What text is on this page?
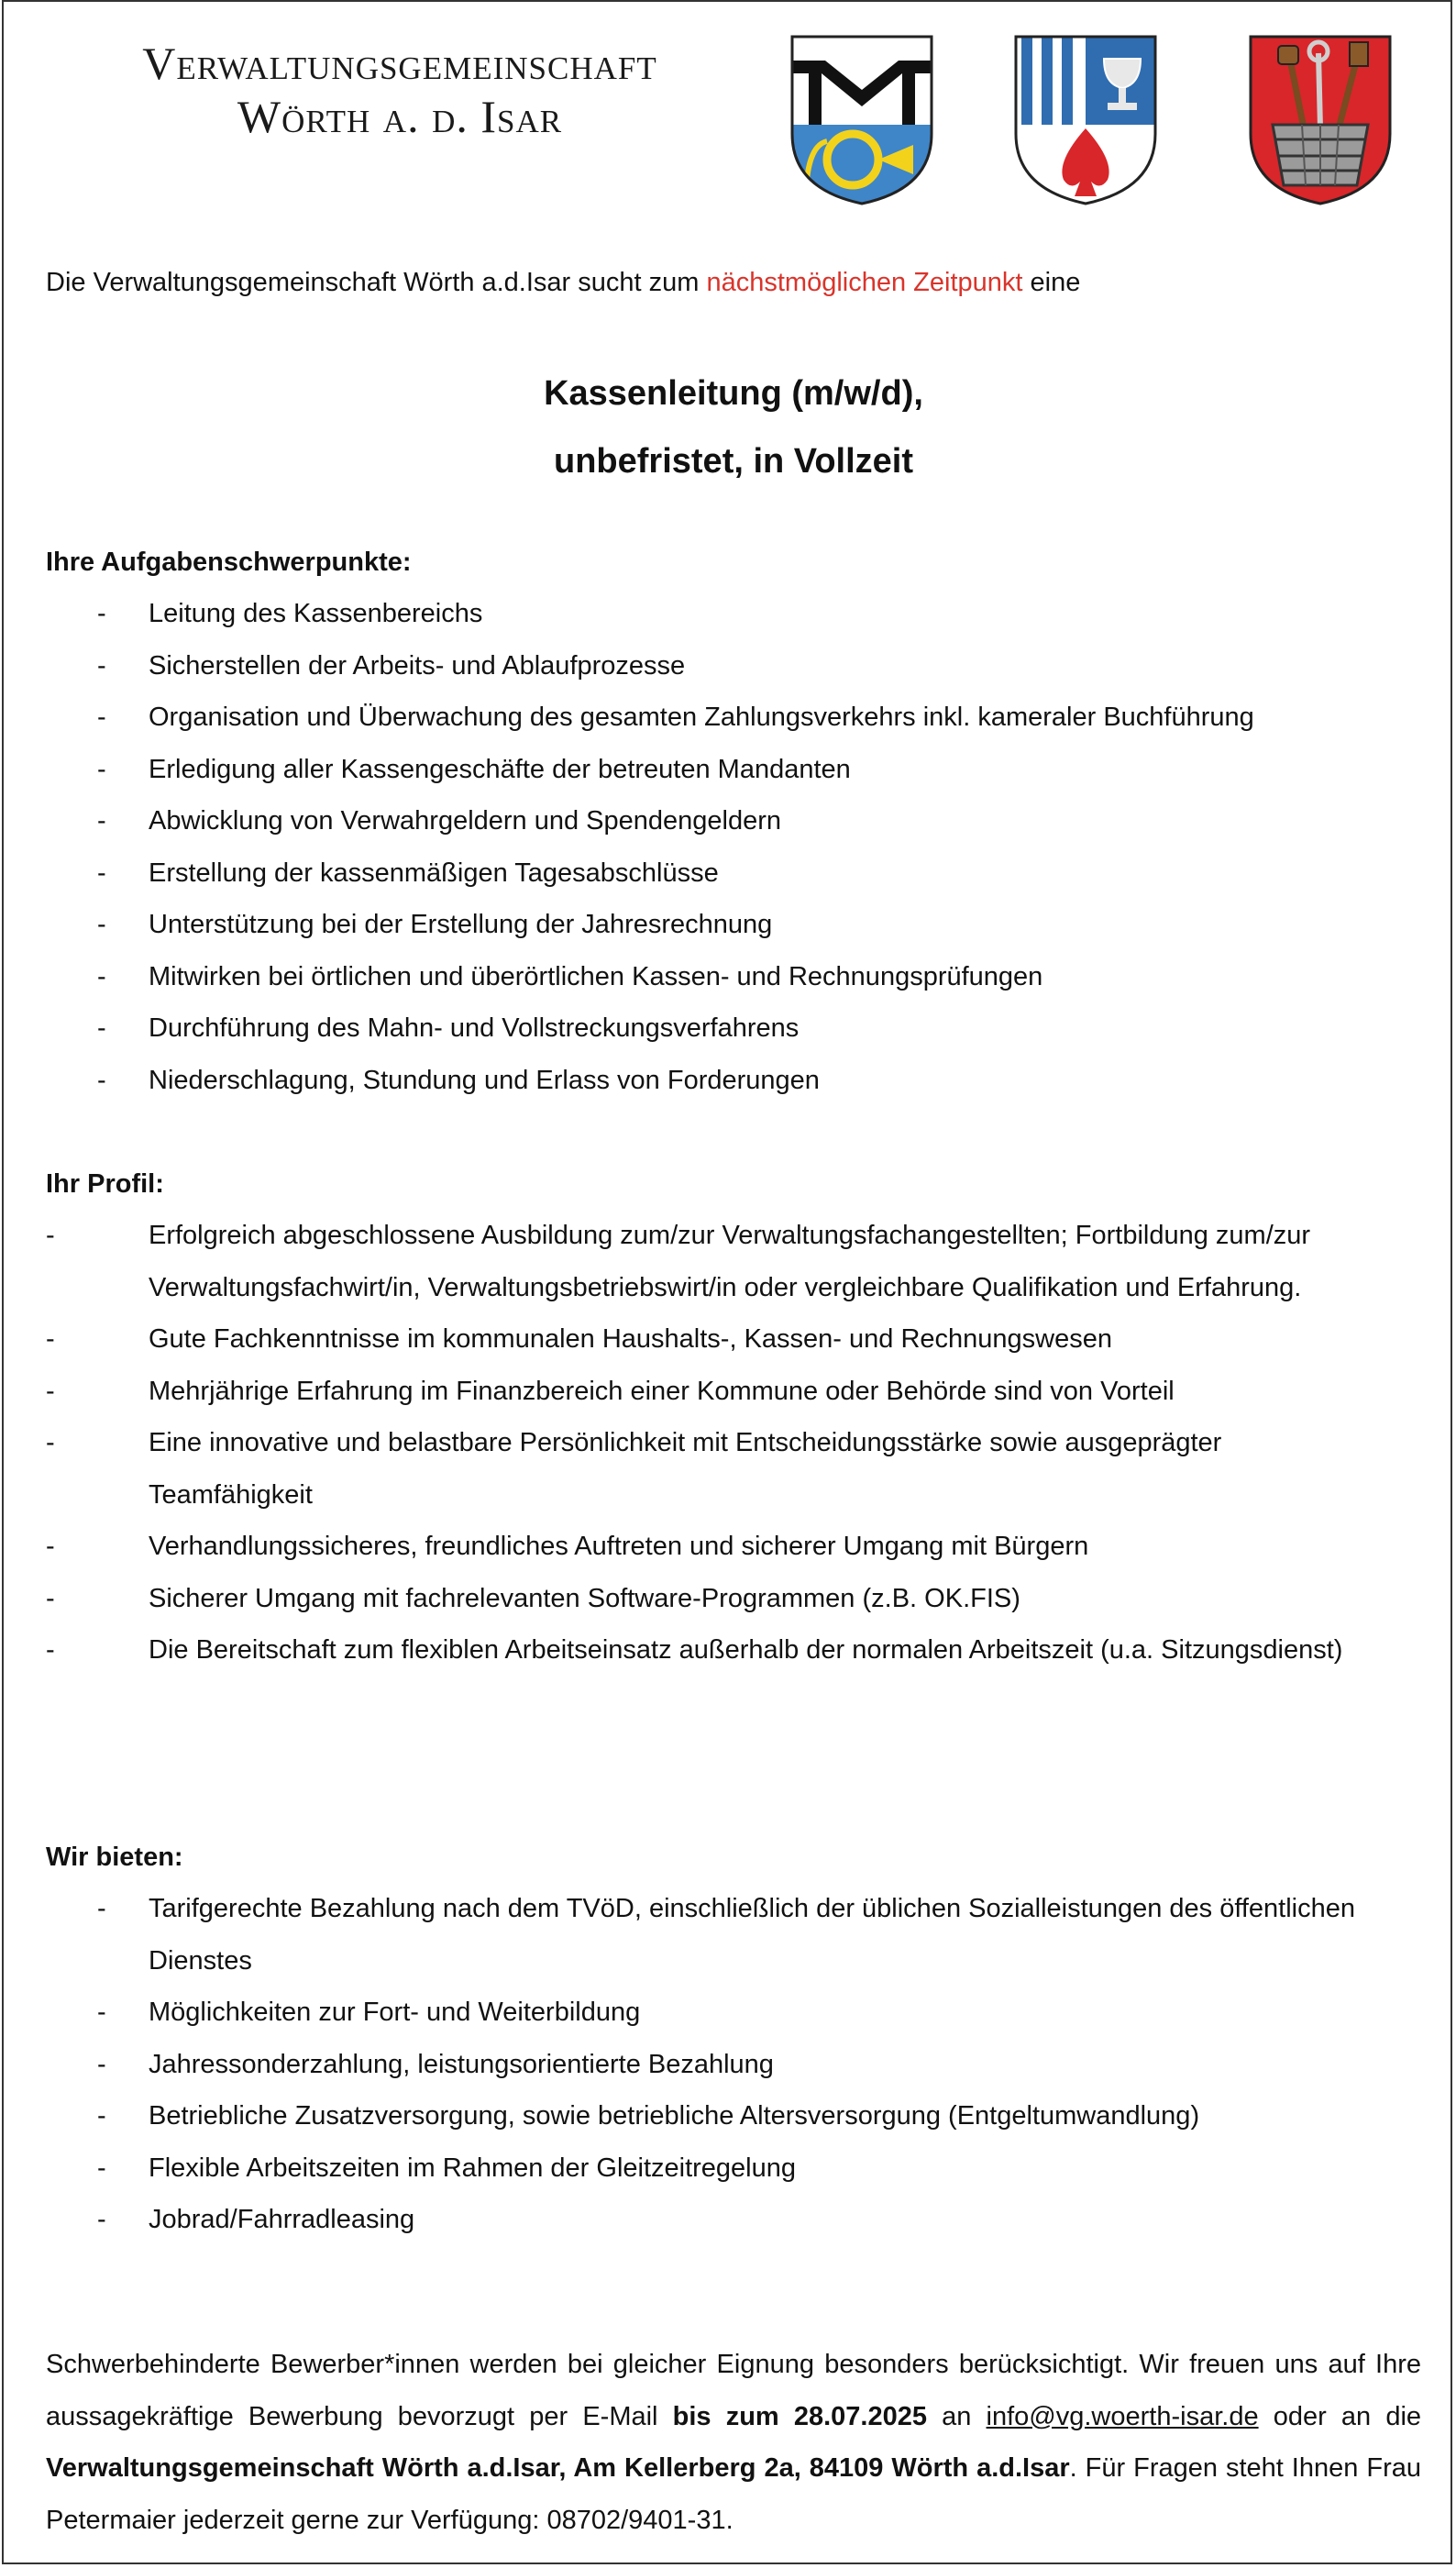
Verwaltungsgemeinschaft
Wörth a. d. Isar
Die Verwaltungsgemeinschaft Wörth a.d.Isar sucht zum nächstmöglichen Zeitpunkt eine
Kassenleitung (m/w/d),
unbefristet, in Vollzeit
Ihre Aufgabenschwerpunkte:
- Leitung des Kassenbereichs
- Sicherstellen der Arbeits- und Ablaufprozesse
- Organisation und Überwachung des gesamten Zahlungsverkehrs inkl. kameraler Buchführung
- Erledigung aller Kassengeschäfte der betreuten Mandanten
- Abwicklung von Verwahrgeldern und Spendengeldern
- Erstellung der kassenmäßigen Tagesabschlüsse
- Unterstützung bei der Erstellung der Jahresrechnung
- Mitwirken bei örtlichen und überörtlichen Kassen- und Rechnungsprüfungen
- Durchführung des Mahn- und Vollstreckungsverfahrens
- Niederschlagung, Stundung und Erlass von Forderungen
Ihr Profil:
- Erfolgreich abgeschlossene Ausbildung zum/zur Verwaltungsfachangestellten; Fortbildung zum/zur Verwaltungsfachwirt/in, Verwaltungsbetriebswirt/in oder vergleichbare Qualifikation und Erfahrung.
- Gute Fachkenntnisse im kommunalen Haushalts-, Kassen- und Rechnungswesen
- Mehrjährige Erfahrung im Finanzbereich einer Kommune oder Behörde sind von Vorteil
- Eine innovative und belastbare Persönlichkeit mit Entscheidungsstärke sowie ausgeprägter Teamfähigkeit
- Verhandlungssicheres, freundliches Auftreten und sicherer Umgang mit Bürgern
- Sicherer Umgang mit fachrelevanten Software-Programmen (z.B. OK.FIS)
- Die Bereitschaft zum flexiblen Arbeitseinsatz außerhalb der normalen Arbeitszeit (u.a. Sitzungsdienst)
Wir bieten:
- Tarifgerechte Bezahlung nach dem TVöD, einschließlich der üblichen Sozialleistungen des öffentlichen Dienstes
- Möglichkeiten zur Fort- und Weiterbildung
- Jahressonderzahlung, leistungsorientierte Bezahlung
- Betriebliche Zusatzversorgung, sowie betriebliche Altersversorgung (Entgeltumwandlung)
- Flexible Arbeitszeiten im Rahmen der Gleitzeitregelung
- Jobrad/Fahrradleasing
Schwerbehinderte Bewerber*innen werden bei gleicher Eignung besonders berücksichtigt. Wir freuen uns auf Ihre aussagekräftige Bewerbung bevorzugt per E-Mail bis zum 28.07.2025 an info@vg.woerth-isar.de oder an die Verwaltungsgemeinschaft Wörth a.d.Isar, Am Kellerberg 2a, 84109 Wörth a.d.Isar. Für Fragen steht Ihnen Frau Petermaier jederzeit gerne zur Verfügung: 08702/9401-31.
